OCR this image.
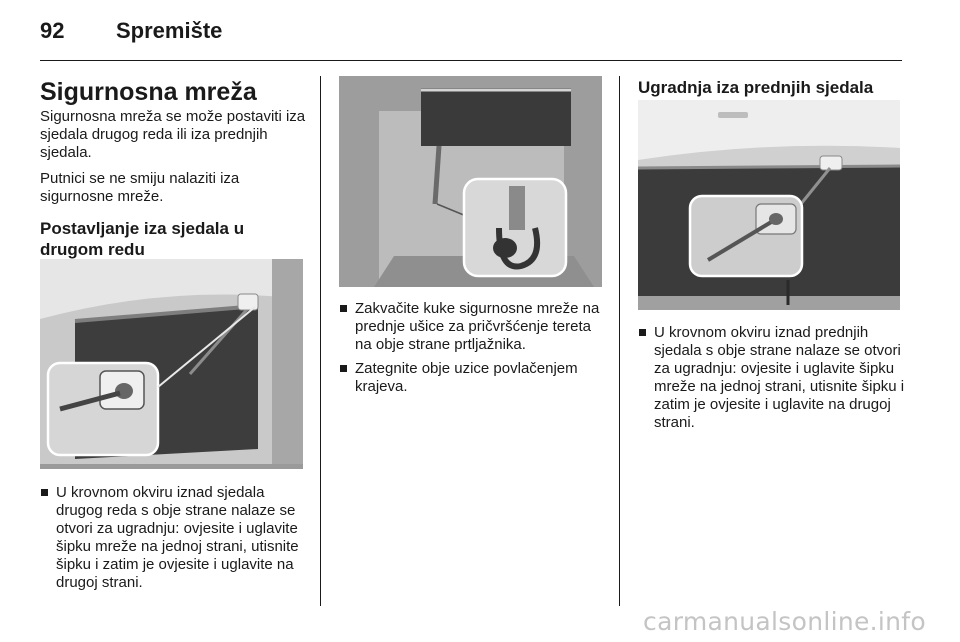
92 Spremište
Sigurnosna mreža

Sigurnosna mreža se može postaviti iza sjedala drugog reda ili iza prednjih sjedala.

Putnici se ne smiju nalaziti iza sigurnosne mreže.

Postavljanje iza sjedala u drugom redu

U krovnom okviru iznad sjedala drugog reda s obje strane nalaze se otvori za ugradnju: ovjesite i uglavite šipku mreže na jednoj strani, utisnite šipku i zatim je ovjesite i uglavite na drugoj strani.

Zakvačite kuke sigurnosne mreže na prednje ušice za pričvršćenje tereta na obje strane prtljažnika.

Zategnite obje uzice povlačenjem krajeva.

Ugradnja iza prednjih sjedala

U krovnom okviru iznad prednjih sjedala s obje strane nalaze se otvori za ugradnju: ovjesite i uglavite šipku mreže na jednoj strani, utisnite šipku i zatim je ovjesite i uglavite na drugoj strani.

carmanualsonline.info
